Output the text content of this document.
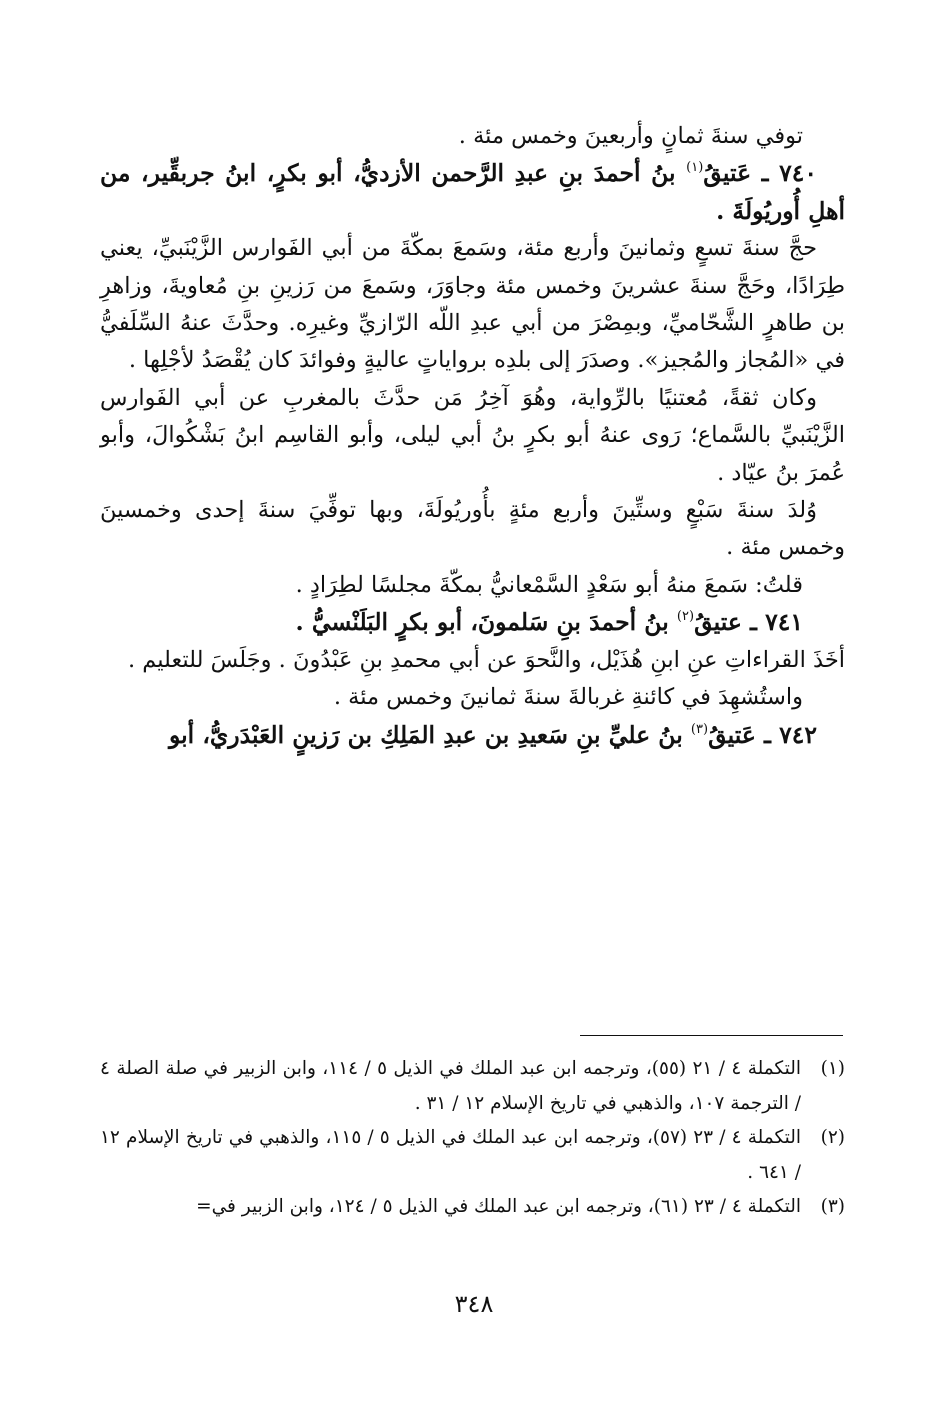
توفي سنةَ ثمانٍ وأربعينَ وخمس مئة .

٧٤٠ ـ عَتيقُ$^{(١)}$ بنُ أحمدَ بنِ عبدِ الرَّحمن الأزديُّ، أبو بكرٍ، ابنُ جربقِّير، من أهلِ أُوريُولَةَ .

حجَّ سنةَ تسعٍ وثمانينَ وأربع مئة، وسَمعَ بمكّةَ من أبي الفَوارس الزَّيْنَبيِّ، يعني طِرَادًا، وحَجَّ سنةَ عشرينَ وخمس مئة وجاوَرَ، وسَمعَ من رَزينِ بنِ مُعاويةَ، وزاهرِ بن طاهرٍ الشَّحّاميِّ، وبمِصْرَ من أبي عبدِ اللّه الرّازيِّ وغيرِه. وحدَّثَ عنهُ السِّلَفيُّ في «المُجاز والمُجيز». وصدَرَ إلى بلدِه برواياتٍ عاليةٍ وفوائدَ كان يُقْصَدُ لأجْلِها .

وكان ثقةً، مُعتنيًا بالرِّواية، وهُوَ آخِرُ مَن حدَّثَ بالمغربِ عن أبي الفَوارس الزَّيْنَبيِّ بالسَّماع؛ رَوى عنهُ أبو بكرٍ بنُ أبي ليلى، وأبو القاسِم ابنُ بَشْكُوالَ، وأبو عُمرَ بنُ عيّاد .

وُلدَ سنةَ سَبْعٍ وستِّينَ وأربع مئةٍ بأُوريُولَةَ، وبها توفِّيَ سنةَ إحدى وخمسينَ وخمس مئة .

قلتُ: سَمعَ منهُ أبو سَعْدٍ السَّمْعانيُّ بمكّةَ مجلسًا لطِرَادٍ .

٧٤١ ـ عتيقُ$^{(٢)}$ بنُ أحمدَ بنِ سَلمونَ، أبو بكرٍ البَلَنْسيُّ .

أخَذَ القراءاتِ عنِ ابنِ هُذَيْل، والنَّحوَ عن أبي محمدِ بنِ عَبْدُونَ . وجَلَسَ للتعليم .

واستُشهِدَ في كائنةِ غربالةَ سنةَ ثمانينَ وخمس مئة .

٧٤٢ ـ عَتيقُ$^{(٣)}$ بنُ عليِّ بنِ سَعيدِ بن عبدِ المَلِكِ بن رَزينٍ العَبْدَريُّ، أبو

(١)
التكملة ٤ / ٢١ (٥٥)، وترجمه ابن عبد الملك في الذيل ٥ / ١١٤، وابن الزبير في صلة الصلة ٤ / الترجمة ١٠٧، والذهبي في تاريخ الإسلام ١٢ / ٣١ .
(٢)
التكملة ٤ / ٢٣ (٥٧)، وترجمه ابن عبد الملك في الذيل ٥ / ١١٥، والذهبي في تاريخ الإسلام ١٢ / ٦٤١ .
(٣)
التكملة ٤ / ٢٣ (٦١)، وترجمه ابن عبد الملك في الذيل ٥ / ١٢٤، وابن الزبير في=
٣٤٨
